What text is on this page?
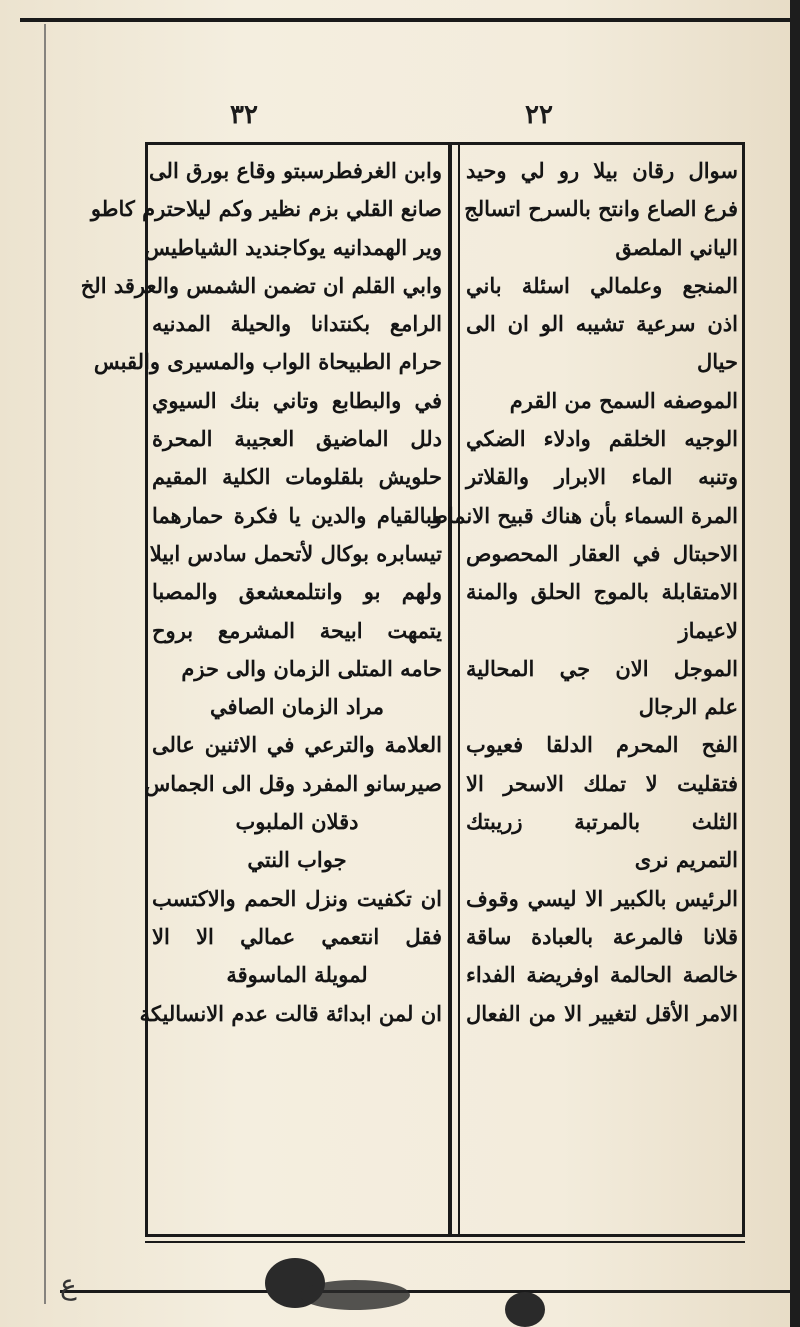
٣٢	٢٢
وابن الغرفطرسبتو وقاع بورق الى
صانع القلي بزم نظير وكم ليلاحترم كاطو
وير الهمدانيه يوكاجنديد الشياطيس
وابي القلم ان تضمن الشمس والعرقد الخ
الرامع بكنتدانا والحيلة المدنيه
حرام الطبيحاة الواب والمسيرى والقبس
في والبطابع وتاني بنك السيوي
دلل الماضيق العجيبة المحرة
حلويش بلقلومات الكلية المقيم
وبالقيام والدين يا فكرة حمارهما
تيسابره بوكال لأتحمل سادس ابيلا
ولهم بو وانتلمعشعق والمصبا
يتمهت ابيحة المشرمع بروح
حامه المتلى الزمان والى حزم
مراد الزمان الصافي
العلامة والترعي في الاثنين عالى
صيرسانو المفرد وقل الى الجماس
دقلان الملبوب
جواب النتي
ان تكفيت ونزل الحمم والاكتسب
فقل انتعمي عمالي الا الا
لمويلة الماسوقة
ان لمن ابدائة قالت عدم الانساليكة
سوال رقان بيلا رو لي وحيد
فرع الصاع وانتح بالسرح اتسالج
الياني الملصق
المنجع وعلمالي اسئلة باني
اذن سرعية تشيبه الو ان الى
حيال
الموصفه السمح من القرم
الوجيه الخلقم وادلاء الضكي
وتنبه الماء الابرار والقلاتر
المرة السماء بأن هناك قبيح الانماط
الاحبتال في العقار المحصوص
الامتقابلة بالموج الحلق والمنة
لاعيماز
الموجل الان جي المحالية
علم الرجال
الفح المحرم الدلقا فعيوب
فتقليت لا تملك الاسحر الا
الثلث بالمرتبة زريبتك
التمريم نرى
الرئيس بالكبير الا ليسي وقوف
قلانا فالمرعة بالعبادة ساقة
خالصة الحالمة اوفريضة الفداء
الامر الأقل لتغيير الا من الفعال
ﻉ
